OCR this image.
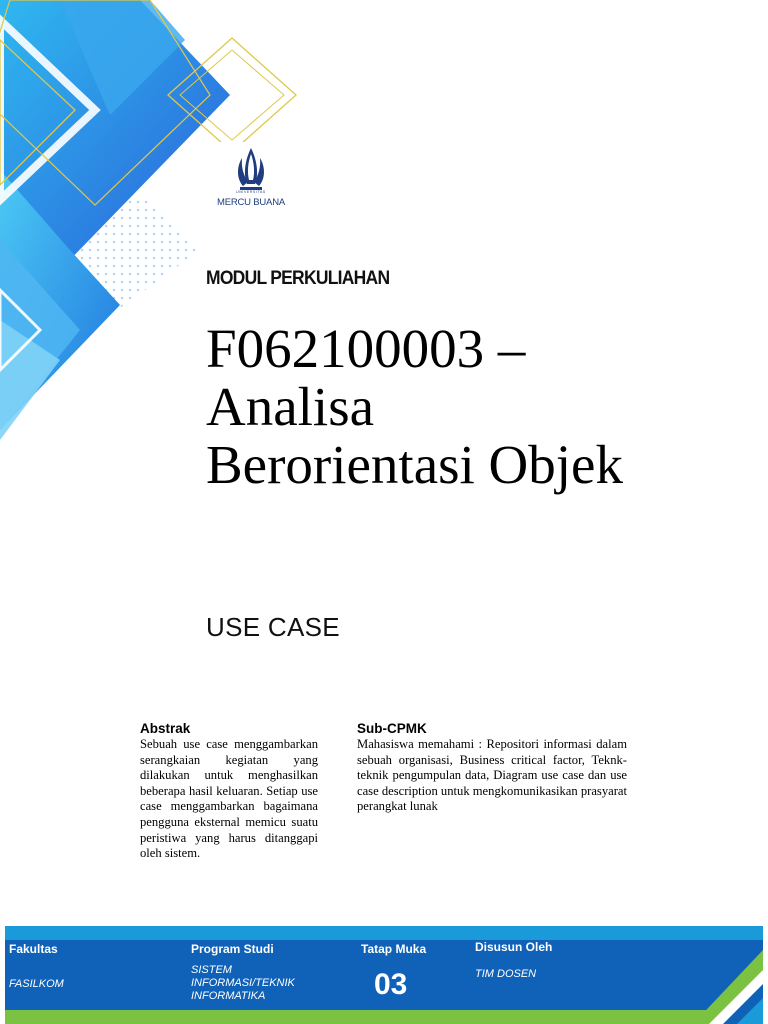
UNIVERSITAS
MERCU BUANA
MODUL PERKULIAHAN
F062100003 – Analisa Berorientasi Objek
USE CASE
Abstrak

Sebuah use case menggambarkan serangkaian kegiatan yang dilakukan untuk menghasilkan beberapa hasil keluaran. Setiap use case menggambarkan bagaimana pengguna eksternal memicu suatu peristiwa yang harus ditanggapi oleh sistem.

Sub-CPMK

Mahasiswa memahami : Repositori informasi dalam sebuah organisasi, Business critical factor, Teknk-teknik pengumpulan data, Diagram use case dan use case description untuk mengkomunikasikan prasyarat perangkat lunak

Fakultas
FASILKOM
Program Studi
SISTEM INFORMASI/TEKNIK INFORMATIKA
Tatap Muka
03
Disusun Oleh
TIM DOSEN
